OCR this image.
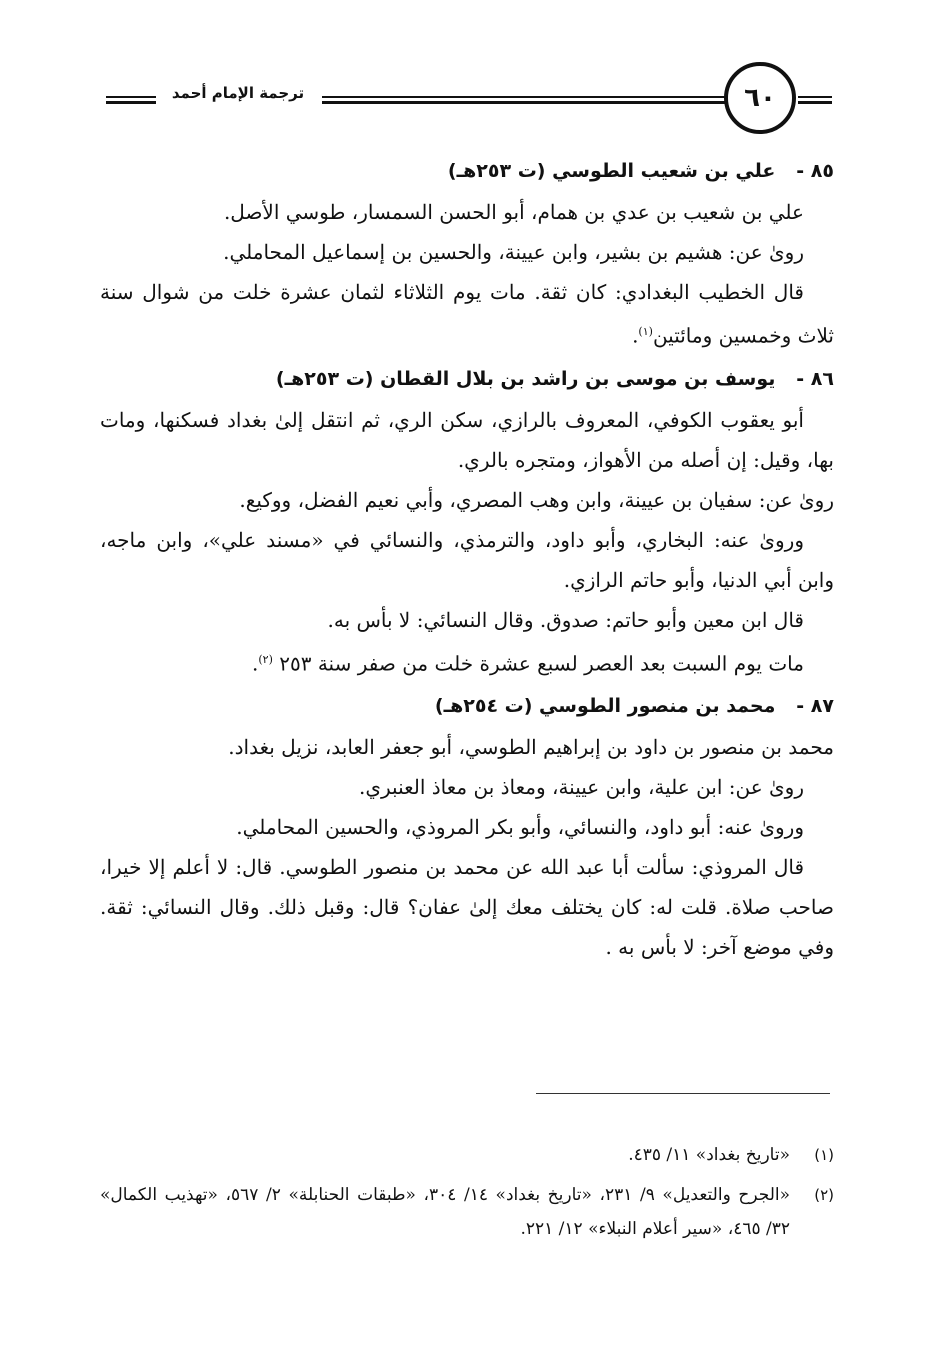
ترجمة الإمام أحمد	٦٠
٨٥ - علي بن شعيب الطوسي (ت ٢٥٣هـ)

علي بن شعيب بن عدي بن همام، أبو الحسن السمسار، طوسي الأصل.

روىٰ عن: هشيم بن بشير، وابن عيينة، والحسين بن إسماعيل المحاملي.

قال الخطيب البغدادي: كان ثقة. مات يوم الثلاثاء لثمان عشرة خلت من شوال سنة ثلاث وخمسين ومائتين$^{(١)}$.

٨٦ - يوسف بن موسى بن راشد بن بلال القطان (ت ٢٥٣هـ)

أبو يعقوب الكوفي، المعروف بالرازي، سكن الري، ثم انتقل إلىٰ بغداد فسكنها، ومات بها، وقيل: إن أصله من الأهواز، ومتجره بالري.

روىٰ عن: سفيان بن عيينة، وابن وهب المصري، وأبي نعيم الفضل، ووكيع.

وروىٰ عنه: البخاري، وأبو داود، والترمذي، والنسائي في «مسند علي»، وابن ماجه، وابن أبي الدنيا، وأبو حاتم الرازي.

قال ابن معين وأبو حاتم: صدوق. وقال النسائي: لا بأس به.

مات يوم السبت بعد العصر لسبع عشرة خلت من صفر سنة ٢٥٣ $^{(٢)}$.

٨٧ - محمد بن منصور الطوسي (ت ٢٥٤هـ)

محمد بن منصور بن داود بن إبراهيم الطوسي، أبو جعفر العابد، نزيل بغداد.

روىٰ عن: ابن علية، وابن عيينة، ومعاذ بن معاذ العنبري.

وروىٰ عنه: أبو داود، والنسائي، وأبو بكر المروذي، والحسين المحاملي.

قال المروذي: سألت أبا عبد الله عن محمد بن منصور الطوسي. قال: لا أعلم إلا خيرا، صاحب صلاة. قلت له: كان يختلف معك إلىٰ عفان؟ قال: وقبل ذلك. وقال النسائي: ثقة. وفي موضع آخر: لا بأس به .

(١)
«تاريخ بغداد» ١١/ ٤٣٥.
(٢)
«الجرح والتعديل» ٩/ ٢٣١، «تاريخ بغداد» ١٤/ ٣٠٤، «طبقات الحنابلة» ٢/ ٥٦٧، «تهذيب الكمال» ٣٢/ ٤٦٥، «سير أعلام النبلاء» ١٢/ ٢٢١.
